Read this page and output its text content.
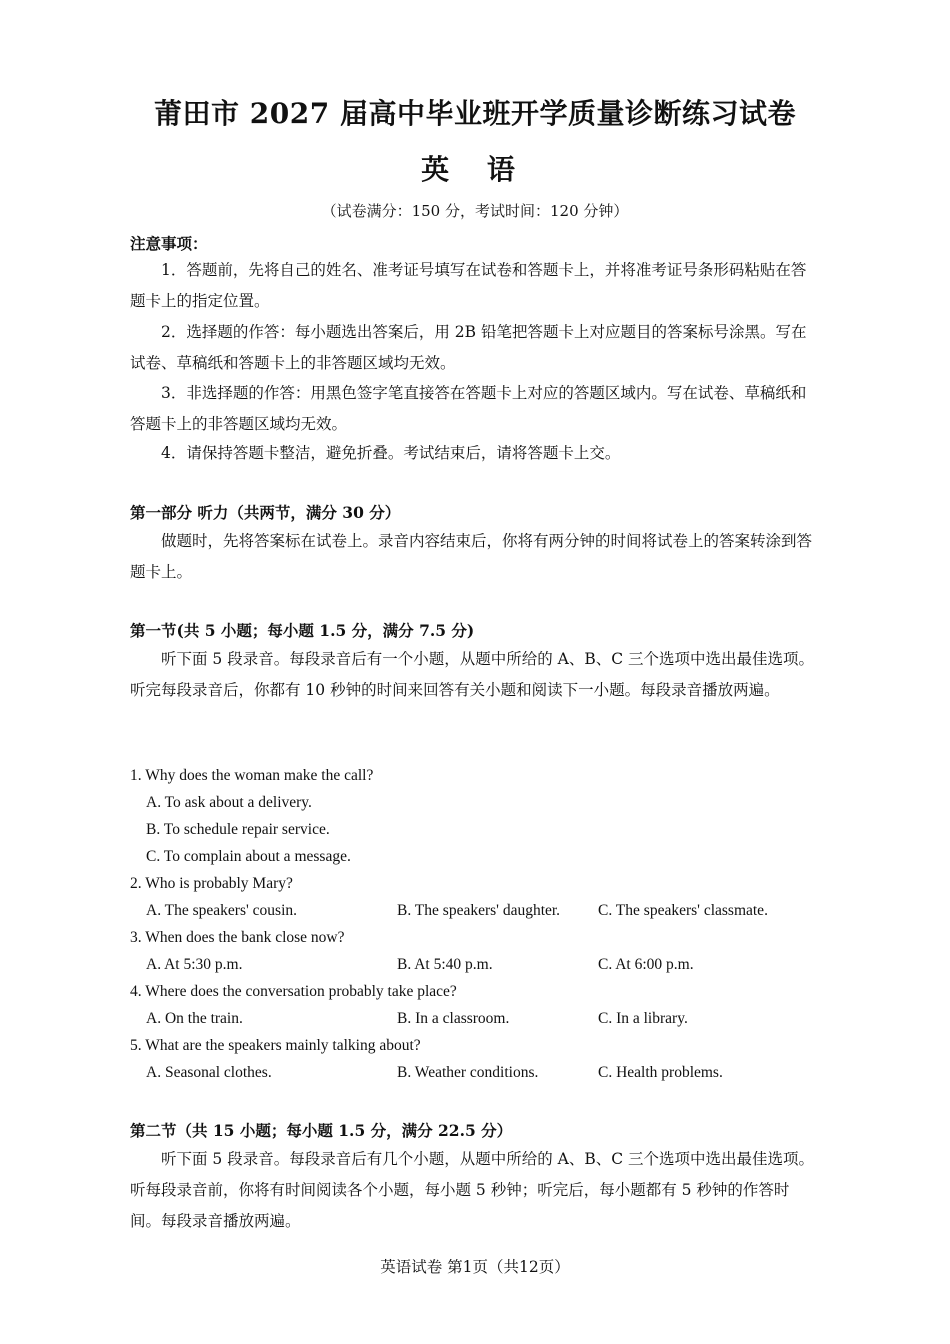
莆田市 2027 届高中毕业班开学质量诊断练习试卷
英 语
（试卷满分：150 分，考试时间：120 分钟）
注意事项：
1．答题前，先将自己的姓名、准考证号填写在试卷和答题卡上，并将准考证号条形码粘贴在答题卡上的指定位置。
2．选择题的作答：每小题选出答案后，用 2B 铅笔把答题卡上对应题目的答案标号涂黑。写在试卷、草稿纸和答题卡上的非答题区域均无效。
3．非选择题的作答：用黑色签字笔直接答在答题卡上对应的答题区域内。写在试卷、草稿纸和答题卡上的非答题区域均无效。
4．请保持答题卡整洁，避免折叠。考试结束后，请将答题卡上交。
第一部分 听力（共两节，满分 30 分）
做题时，先将答案标在试卷上。录音内容结束后，你将有两分钟的时间将试卷上的答案转涂到答题卡上。
第一节(共 5 小题；每小题 1.5 分，满分 7.5 分)
听下面 5 段录音。每段录音后有一个小题，从题中所给的 A、B、C 三个选项中选出最佳选项。听完每段录音后，你都有 10 秒钟的时间来回答有关小题和阅读下一小题。每段录音播放两遍。
1. Why does the woman make the call?
A. To ask about a delivery.
B. To schedule repair service.
C. To complain about a message.
2. Who is probably Mary?
A. The speakers' cousin.	B. The speakers' daughter. C. The speakers' classmate.
3. When does the bank close now?
A. At 5:30 p.m.	B. At 5:40 p.m.	C. At 6:00 p.m.
4. Where does the conversation probably take place?
A. On the train.	B. In a classroom.	C. In a library.
5. What are the speakers mainly talking about?
A. Seasonal clothes.	B. Weather conditions.	C. Health problems.
第二节（共 15 小题；每小题 1.5 分，满分 22.5 分）
听下面 5 段录音。每段录音后有几个小题，从题中所给的 A、B、C 三个选项中选出最佳选项。听每段录音前，你将有时间阅读各个小题，每小题 5 秒钟；听完后，每小题都有 5 秒钟的作答时间。每段录音播放两遍。
英语试卷 第1页（共12页）
